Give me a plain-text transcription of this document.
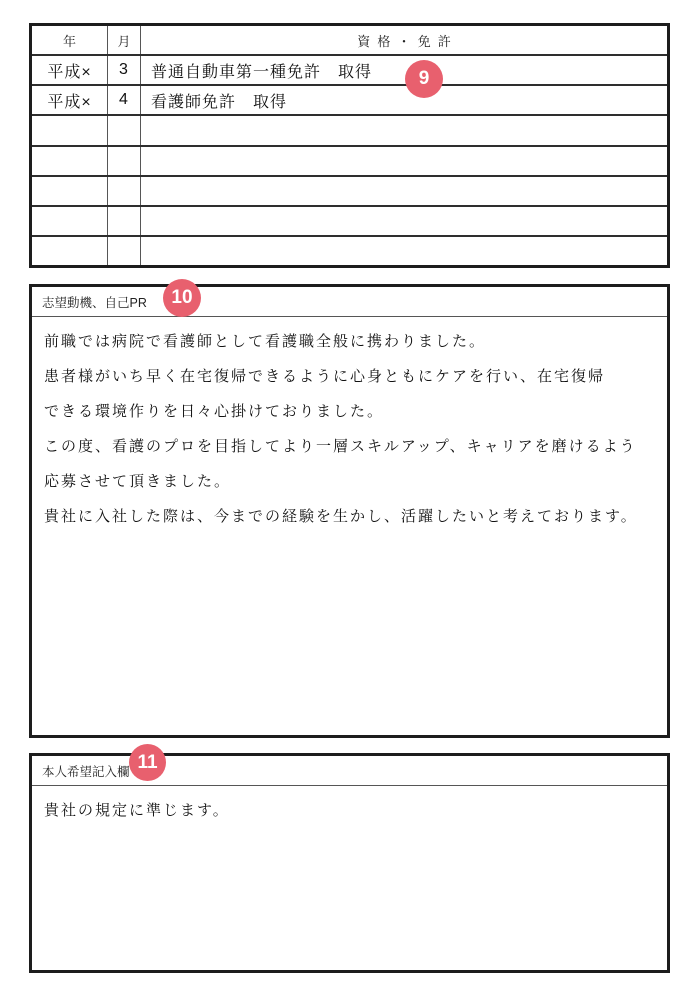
年	月	資格・免許
平成×	3	普通自動車第一種免許　取得
平成×	4	看護師免許　取得
志望動機、自己PR
前職では病院で看護師として看護職全般に携わりました。
患者様がいち早く在宅復帰できるように心身ともにケアを行い、在宅復帰
できる環境作りを日々心掛けておりました。
この度、看護のプロを目指してより一層スキルアップ、キャリアを磨けるよう
応募させて頂きました。
貴社に入社した際は、今までの経験を生かし、活躍したいと考えております。
本人希望記入欄
貴社の規定に準じます。
9
10
11
